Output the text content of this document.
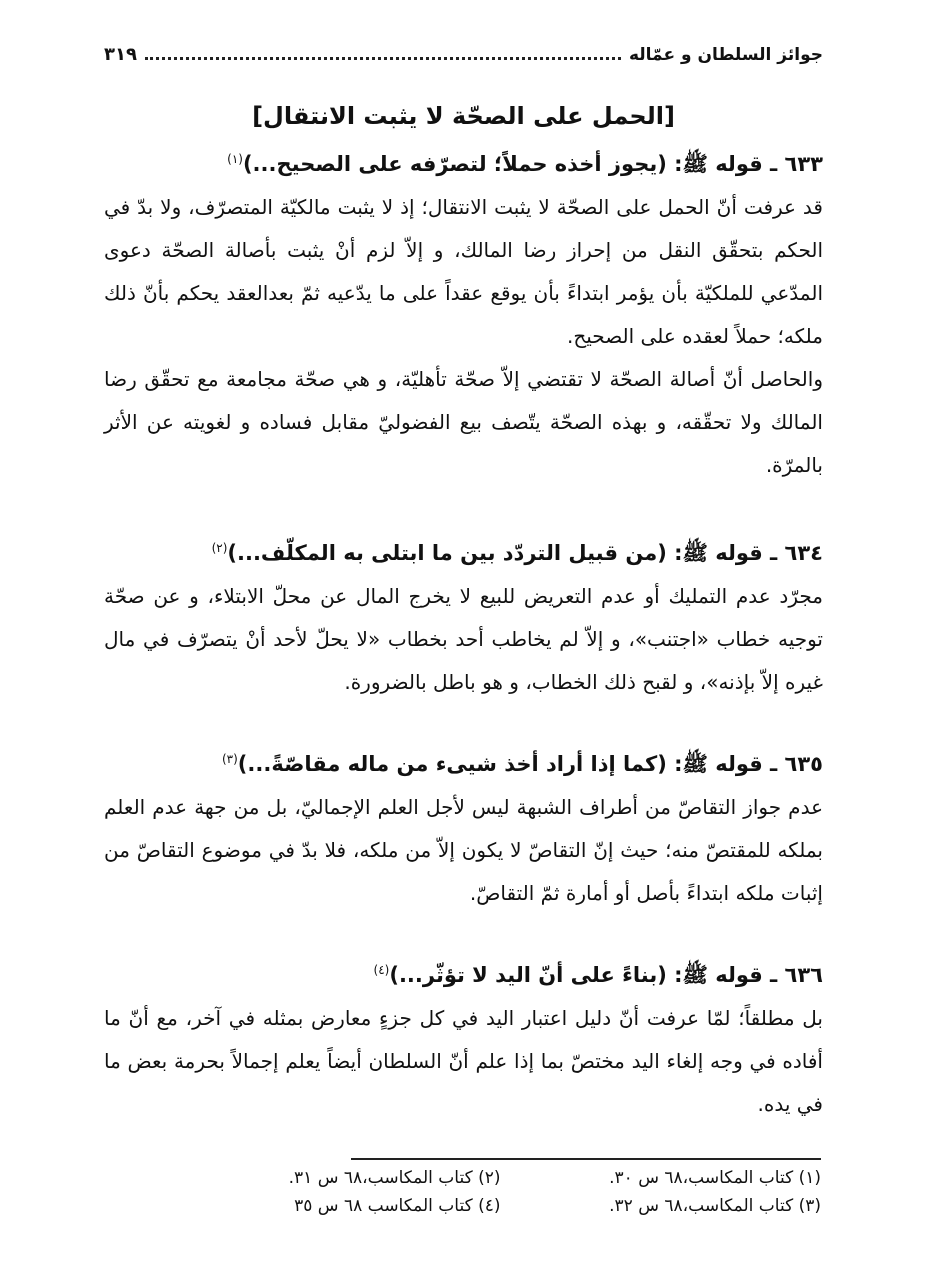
جوائز السلطان و عمّاله
٣١٩
[الحمل على الصحّة لا يثبت الانتقال]

٦٣٣ ـ قوله ﷺ: (يجوز أخذه حملاً؛ لتصرّفه على الصحيح...)$^{(١)}$

قد عرفت أنّ الحمل على الصحّة لا يثبت الانتقال؛ إذ لا يثبت مالكيّة المتصرّف، ولا بدّ في الحكم بتحقّق النقل من إحراز رضا المالك، و إلاّ لزم أنْ يثبت بأصالة الصحّة دعوى المدّعي للملكيّة بأن يؤمر ابتداءً بأن يوقع عقداً على ما يدّعيه ثمّ بعدالعقد يحكم بأنّ ذلك ملكه؛ حملاً لعقده على الصحيح.

والحاصل أنّ أصالة الصحّة لا تقتضي إلاّ صحّة تأهليّة، و هي صحّة مجامعة مع تحقّق رضا المالك ولا تحقّقه، و بهذه الصحّة يتّصف بيع الفضوليّ مقابل فساده و لغويته عن الأثر بالمرّة.

٦٣٤ ـ قوله ﷺ: (من قبيل التردّد بين ما ابتلى به المكلّف...)$^{(٢)}$

مجرّد عدم التمليك أو عدم التعريض للبيع لا يخرج المال عن محلّ الابتلاء، و عن صحّة توجيه خطاب «اجتنب»، و إلاّ لم يخاطب أحد بخطاب «لا يحلّ لأحد أنْ يتصرّف في مال غيره إلاّ بإذنه»، و لقبح ذلك الخطاب، و هو باطل بالضرورة.

٦٣٥ ـ قوله ﷺ: (كما إذا أراد أخذ شيىء من ماله مقاصّةً...)$^{(٣)}$

عدم جواز التقاصّ من أطراف الشبهة ليس لأجل العلم الإجماليّ، بل من جهة عدم العلم بملكه للمقتصّ منه؛ حيث إنّ التقاصّ لا يكون إلاّ من ملكه، فلا بدّ في موضوع التقاصّ من إثبات ملكه ابتداءً بأصل أو أمارة ثمّ التقاصّ.

٦٣٦ ـ قوله ﷺ: (بناءً على أنّ اليد لا تؤثّر...)$^{(٤)}$

بل مطلقاً؛ لمّا عرفت أنّ دليل اعتبار اليد في كل جزءٍ معارض بمثله في آخر، مع أنّ ما أفاده في وجه إلغاء اليد مختصّ بما إذا علم أنّ السلطان أيضاً يعلم إجمالاً بحرمة بعض ما في يده.

(١) كتاب المكاسب،٦٨ س ٣٠.
(٢) كتاب المكاسب،٦٨ س ٣١.
(٣) كتاب المكاسب،٦٨ س ٣٢.
(٤) كتاب المكاسب ٦٨ س ٣٥
